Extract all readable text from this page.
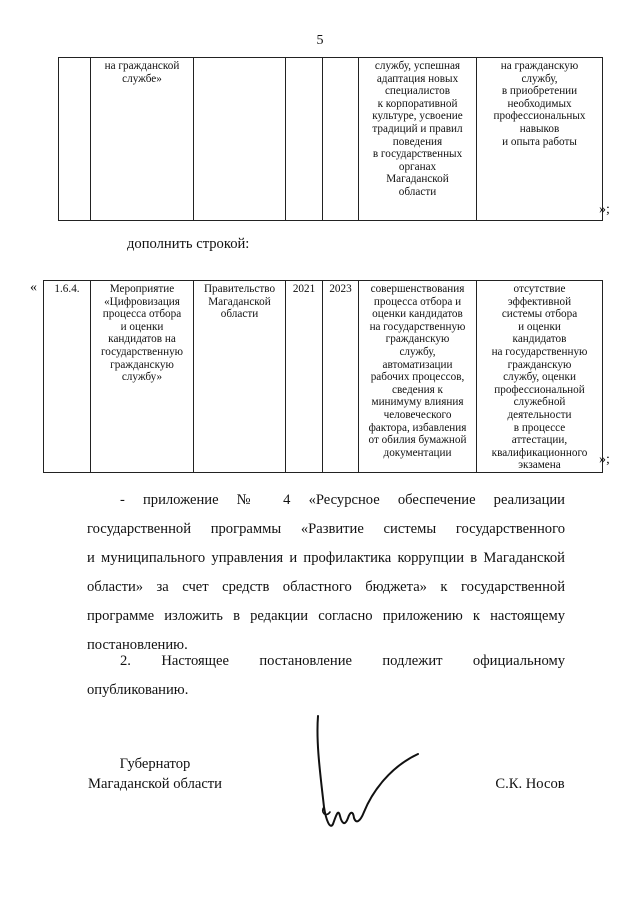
5
	на гражданской
службе»				службу, успешная
адаптация новых
специалистов
к корпоративной
культуре, усвоение
традиций и правил
поведения
в государственных
органах
Магаданской
области	на гражданскую
службу,
в приобретении
необходимых
профессиональных
навыков
и опыта работы
»;
дополнить строкой:
« 1.6.4.	Мероприятие
«Цифровизация
процесса отбора
и оценки
кандидатов на
государственную
гражданскую
службу»	Правительство
Магаданской
области	2021	2023	совершенствования
процесса отбора и
оценки кандидатов
на государственную
гражданскую
службу,
автоматизации
рабочих процессов,
сведения к
минимуму влияния
человеческого
фактора, избавления
от обилия бумажной
документации	отсутствие
эффективной
системы отбора
и оценки
кандидатов
на государственную
гражданскую
службу, оценки
профессиональной
служебной
деятельности
в процессе
аттестации,
квалификационного
экзамена	»;
- приложение № 4 «Ресурсное обеспечение реализации
государственной программы «Развитие системы государственного
и муниципального управления и профилактика коррупции в Магаданской
области» за счет средств областного бюджета» к государственной
программе изложить в редакции согласно приложению к настоящему
постановлению.
2. Настоящее постановление подлежит официальному
опубликованию.
Губернатор
Магаданской области	С.К. Носов
